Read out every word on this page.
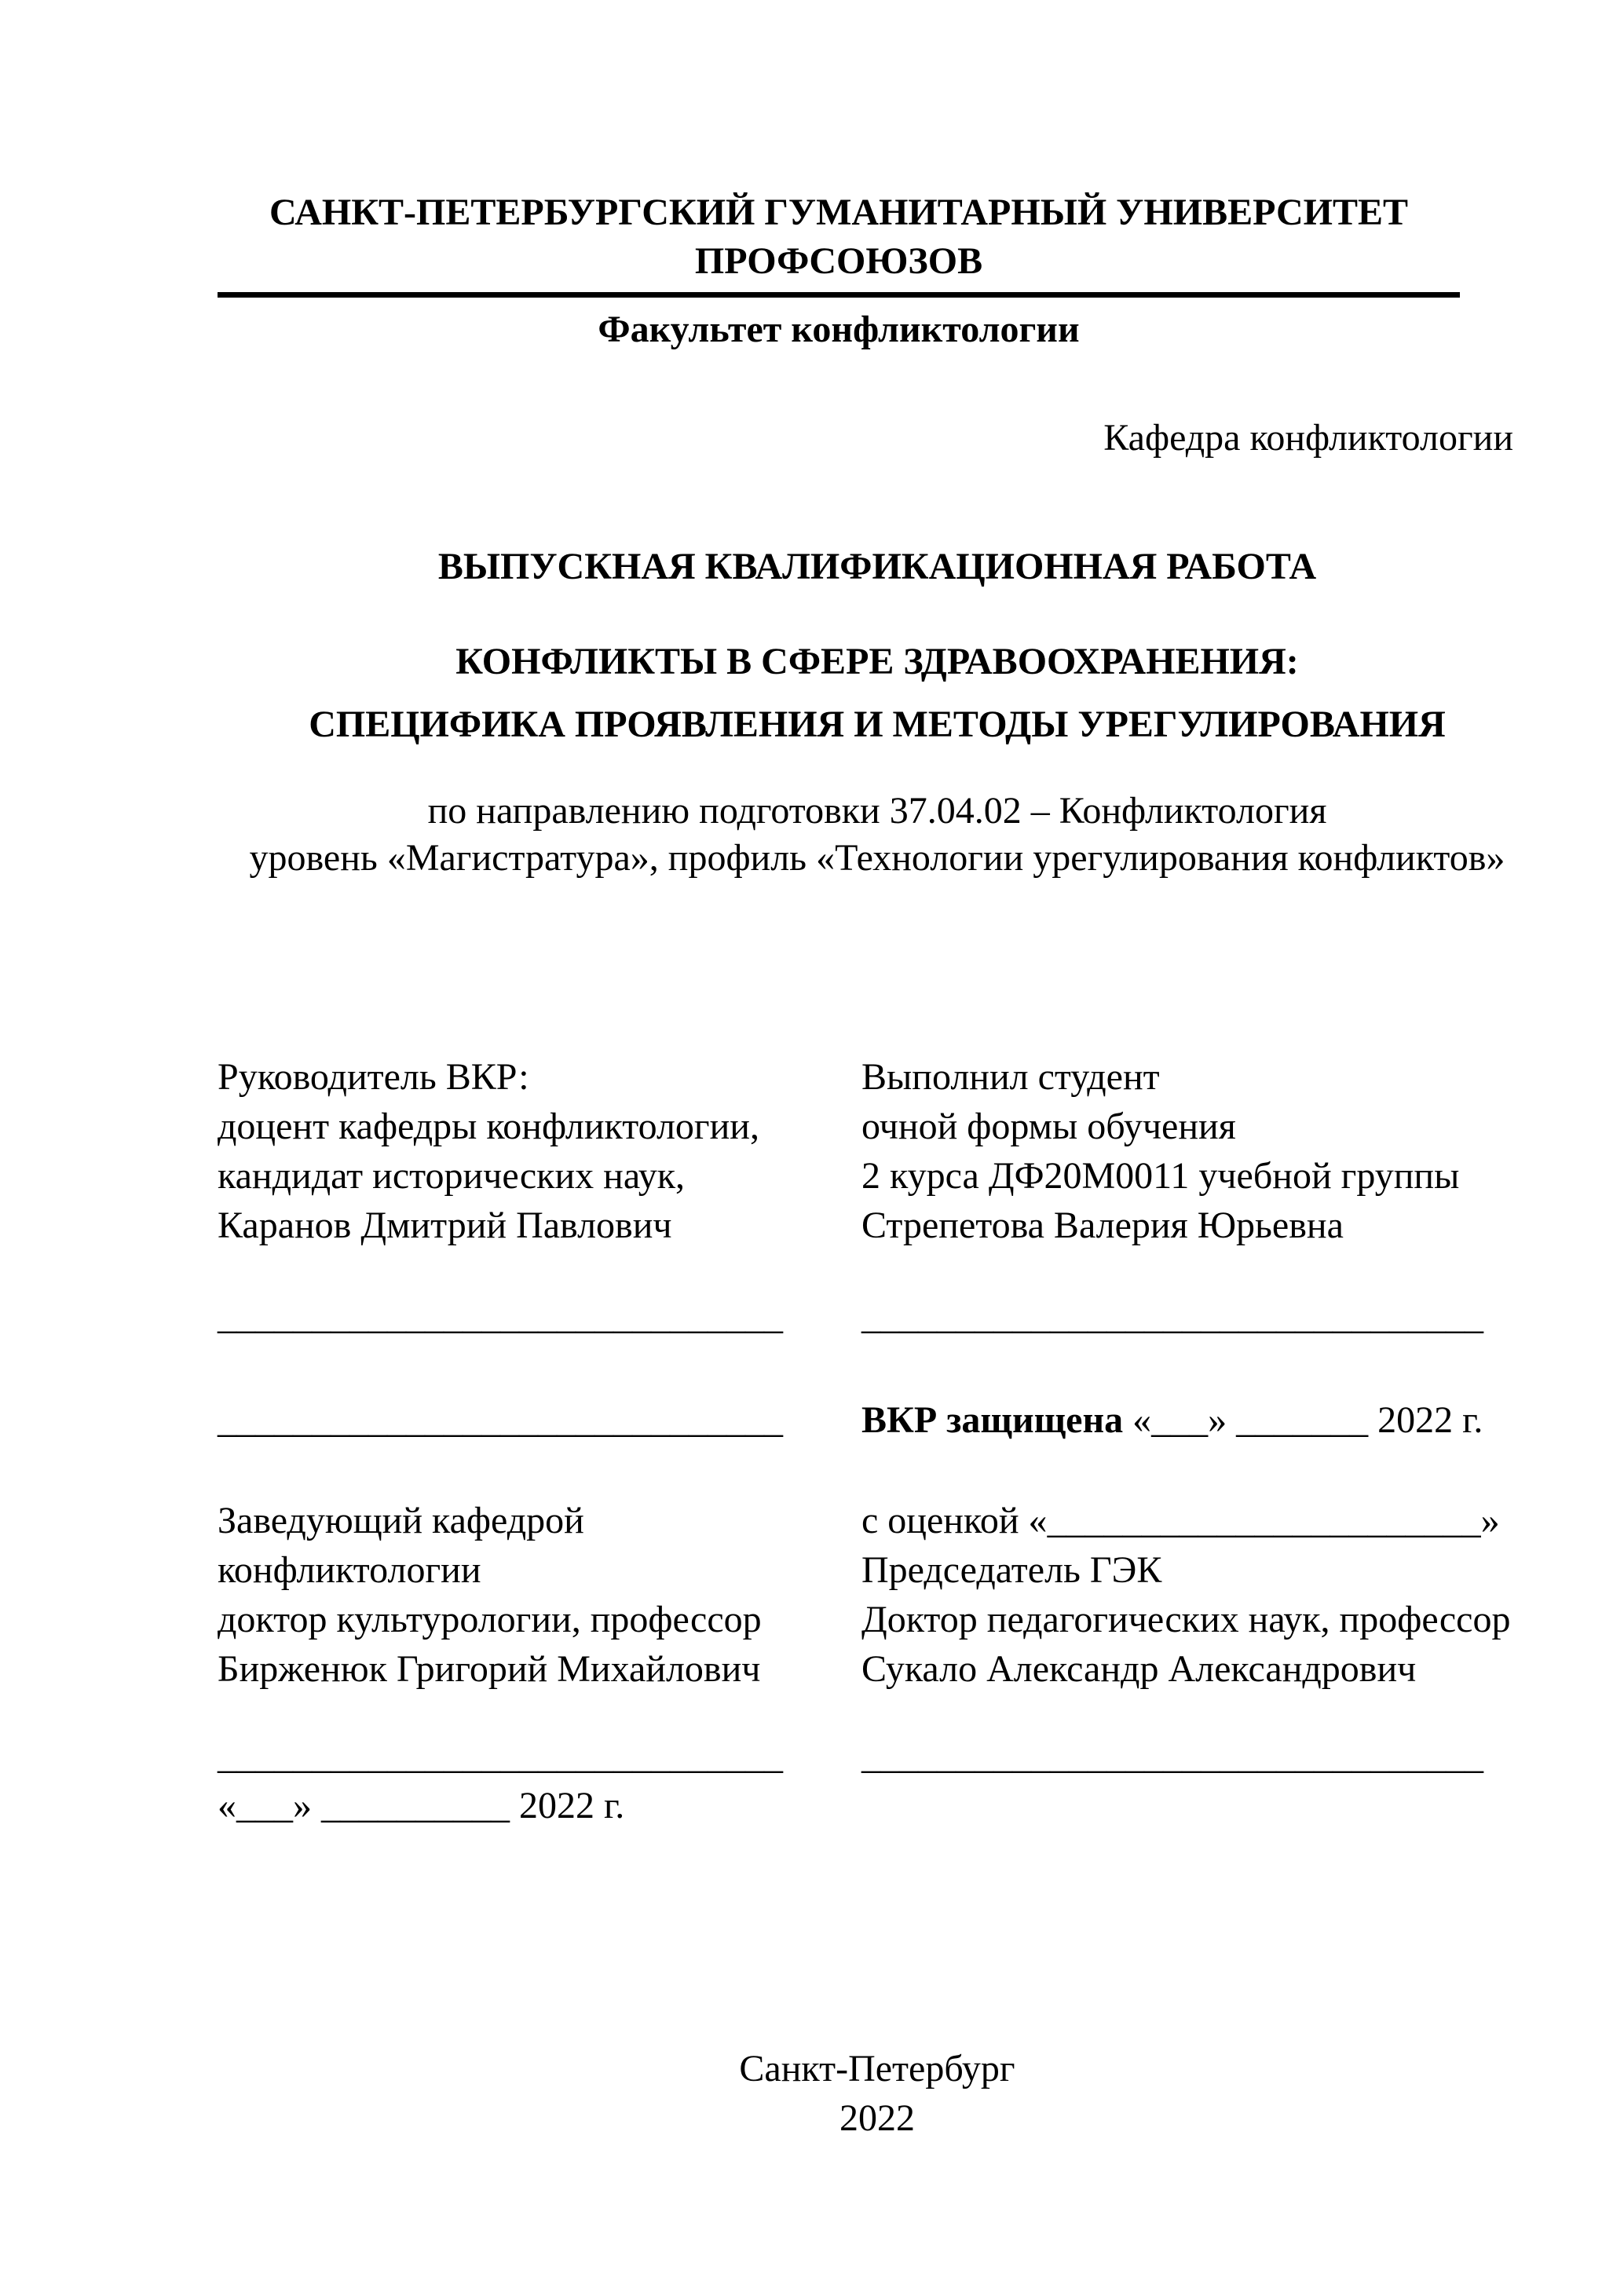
САНКТ-ПЕТЕРБУРГСКИЙ ГУМАНИТАРНЫЙ УНИВЕРСИТЕТ ПРОФСОЮЗОВ
Факультет конфликтологии
Кафедра конфликтологии
ВЫПУСКНАЯ КВАЛИФИКАЦИОННАЯ РАБОТА
КОНФЛИКТЫ В СФЕРЕ ЗДРАВООХРАНЕНИЯ:
СПЕЦИФИКА ПРОЯВЛЕНИЯ И МЕТОДЫ УРЕГУЛИРОВАНИЯ
по направлению подготовки 37.04.02 – Конфликтология
уровень «Магистратура», профиль «Технологии урегулирования конфликтов»
Руководитель ВКР:
доцент кафедры конфликтологии,
кандидат исторических наук,
Каранов Дмитрий Павлович
Выполнил студент
очной формы обучения
2 курса ДФ20М0011 учебной группы
Стрепетова Валерия Юрьевна
______________________________	_________________________________
______________________________	ВКР защищена «___» _______ 2022 г.
Заведующий кафедрой
конфликтологии
доктор культурологии, профессор
Бирженюк Григорий Михайлович
с оценкой «_______________________»
Председатель ГЭК
Доктор педагогических наук, профессор
Сукало Александр Александрович
______________________________
«___» __________ 2022 г.
_________________________________
Санкт-Петербург
2022
